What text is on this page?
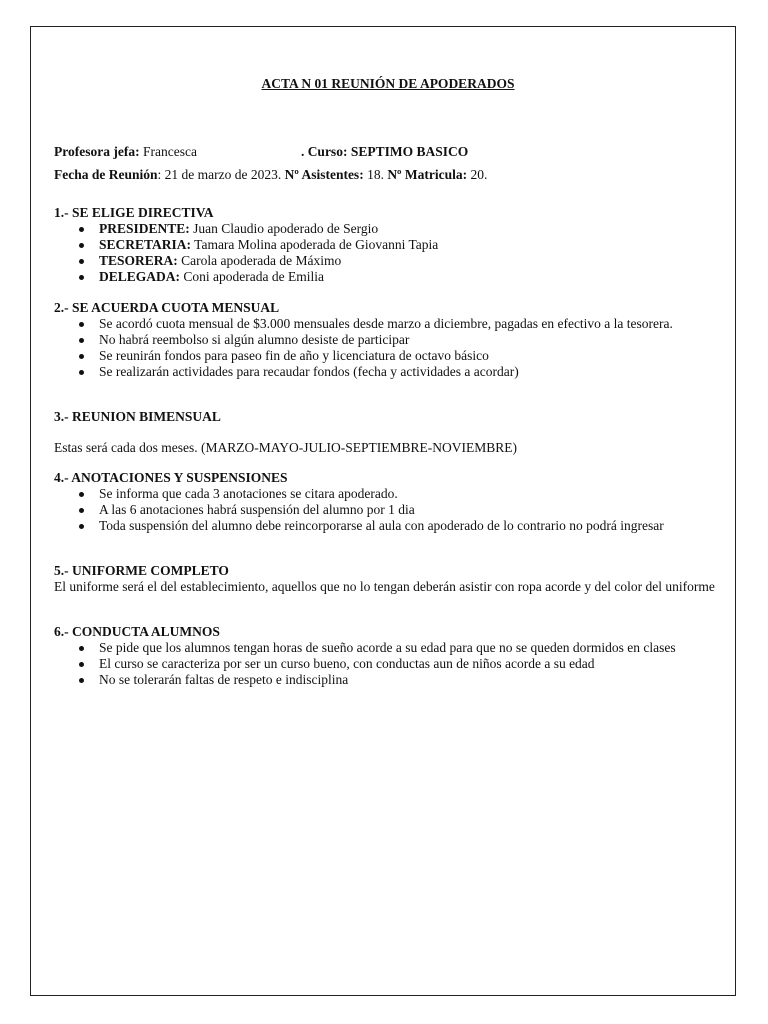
ACTA N 01 REUNIÓN DE APODERADOS
Profesora jefa: Francesca	. Curso: SEPTIMO BASICO
Fecha de Reunión: 21 de marzo de 2023. Nº Asistentes: 18. Nº Matricula: 20.
1.- SE ELIGE DIRECTIVA
PRESIDENTE: Juan Claudio apoderado de Sergio
SECRETARIA: Tamara Molina apoderada de Giovanni Tapia
TESORERA: Carola apoderada de Máximo
DELEGADA: Coni apoderada de Emilia
2.- SE ACUERDA CUOTA MENSUAL
Se acordó cuota mensual de $3.000 mensuales desde marzo a diciembre, pagadas en efectivo a la tesorera.
No habrá reembolso si algún alumno desiste de participar
Se reunirán fondos para paseo fin de año y licenciatura de octavo básico
Se realizarán actividades para recaudar fondos (fecha y actividades a acordar)
3.- REUNION BIMENSUAL
Estas será cada dos meses. (MARZO-MAYO-JULIO-SEPTIEMBRE-NOVIEMBRE)
4.- ANOTACIONES Y SUSPENSIONES
Se informa que cada 3 anotaciones se citara apoderado.
A las 6 anotaciones habrá suspensión del alumno por 1 dia
Toda suspensión del alumno debe reincorporarse al aula con apoderado de lo contrario no podrá ingresar
5.- UNIFORME COMPLETO
El uniforme será el del establecimiento, aquellos que no lo tengan deberán asistir con ropa acorde y del color del uniforme
6.- CONDUCTA ALUMNOS
Se pide que los alumnos tengan horas de sueño acorde a su edad para que no se queden dormidos en clases
El curso se caracteriza por ser un curso bueno, con conductas aun de niños acorde a su edad
No se tolerarán faltas de respeto e indisciplina
